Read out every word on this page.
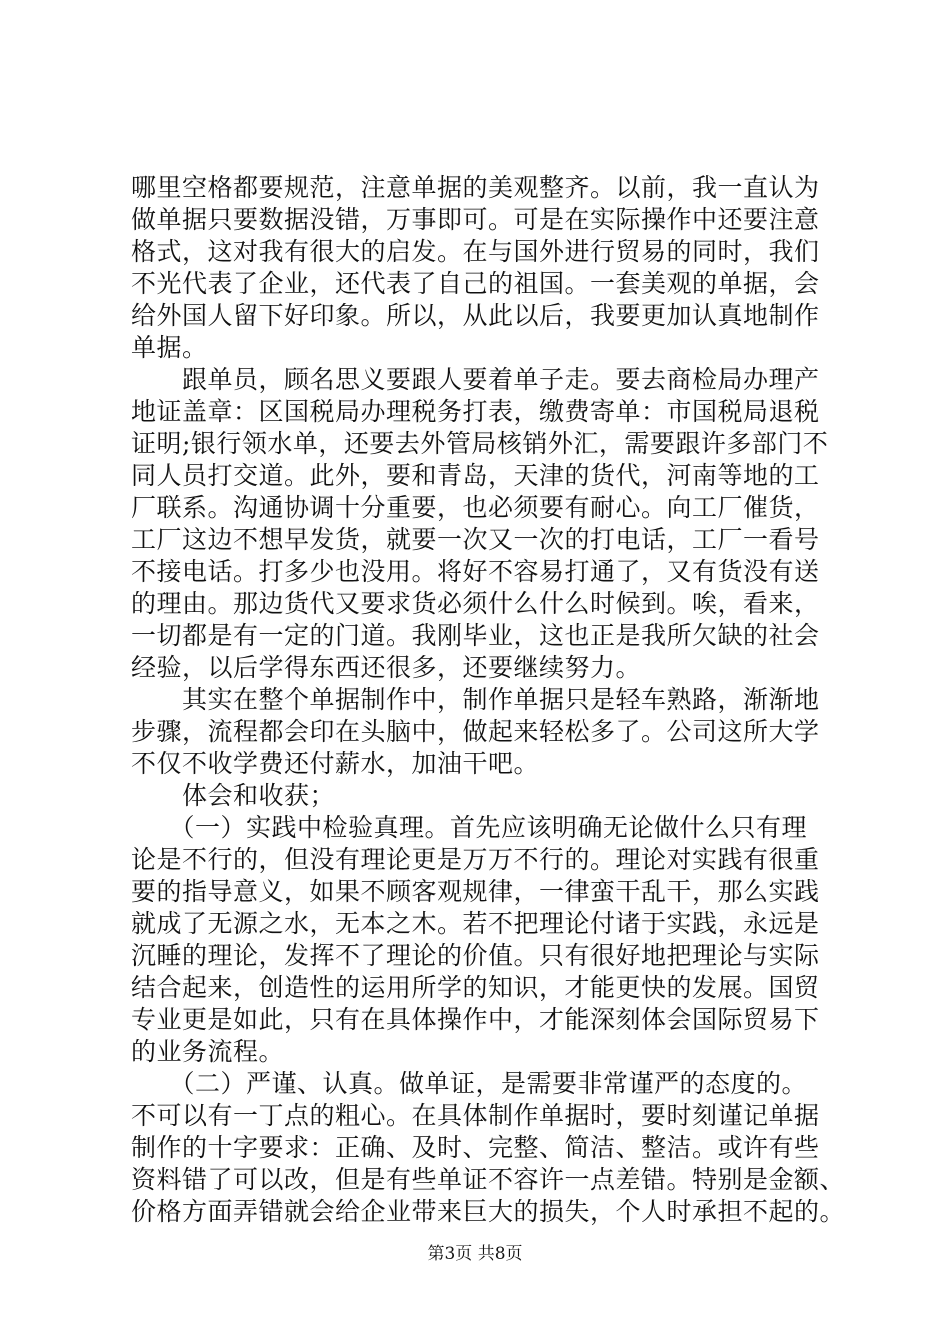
哪里空格都要规范，注意单据的美观整齐。以前，我一直认为
做单据只要数据没错，万事即可。可是在实际操作中还要注意
格式，这对我有很大的启发。在与国外进行贸易的同时，我们
不光代表了企业，还代表了自己的祖国。一套美观的单据，会
给外国人留下好印象。所以，从此以后，我要更加认真地制作
单据。
　　跟单员，顾名思义要跟人要着单子走。要去商检局办理产
地证盖章：区国税局办理税务打表，缴费寄单：市国税局退税
证明;银行领水单，还要去外管局核销外汇，需要跟许多部门不
同人员打交道。此外，要和青岛，天津的货代，河南等地的工
厂联系。沟通协调十分重要，也必须要有耐心。向工厂催货，
工厂这边不想早发货，就要一次又一次的打电话，工厂一看号
不接电话。打多少也没用。将好不容易打通了，又有货没有送
的理由。那边货代又要求货必须什么什么时候到。唉，看来，
一切都是有一定的门道。我刚毕业，这也正是我所欠缺的社会
经验，以后学得东西还很多，还要继续努力。
　　其实在整个单据制作中，制作单据只是轻车熟路，渐渐地
步骤，流程都会印在头脑中，做起来轻松多了。公司这所大学
不仅不收学费还付薪水，加油干吧。
　　体会和收获；
　　（一）实践中检验真理。首先应该明确无论做什么只有理
论是不行的，但没有理论更是万万不行的。理论对实践有很重
要的指导意义，如果不顾客观规律，一律蛮干乱干，那么实践
就成了无源之水，无本之木。若不把理论付诸于实践，永远是
沉睡的理论，发挥不了理论的价值。只有很好地把理论与实际
结合起来，创造性的运用所学的知识，才能更快的发展。国贸
专业更是如此，只有在具体操作中，才能深刻体会国际贸易下
的业务流程。
　　（二）严谨、认真。做单证，是需要非常谨严的态度的。
不可以有一丁点的粗心。在具体制作单据时，要时刻谨记单据
制作的十字要求：正确、及时、完整、简洁、整洁。或许有些
资料错了可以改，但是有些单证不容许一点差错。特别是金额、
价格方面弄错就会给企业带来巨大的损失，个人时承担不起的。
第3页 共8页
